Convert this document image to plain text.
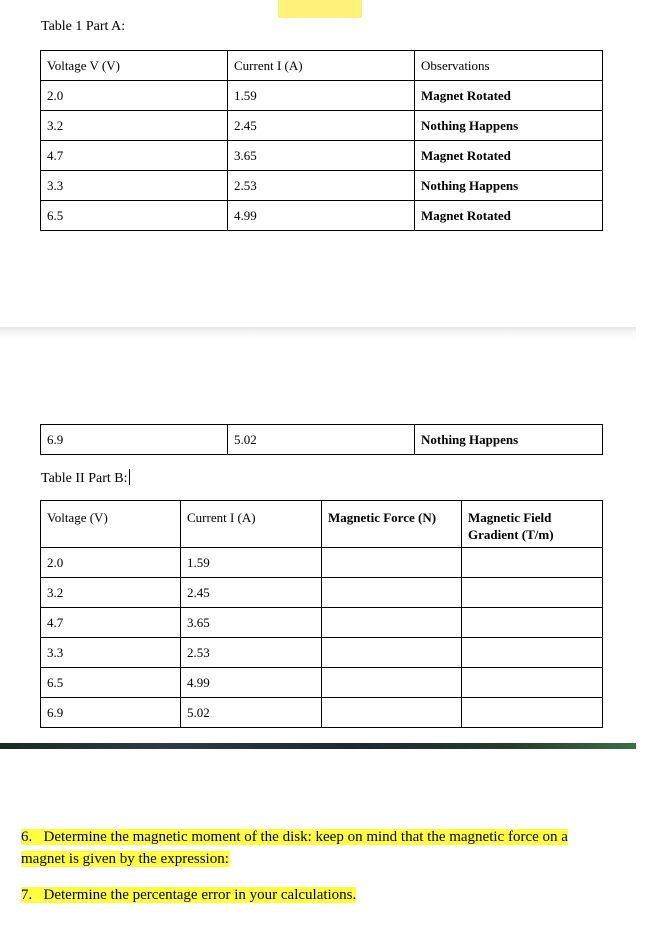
Table 1 Part A:
Voltage V (V)	Current I (A)	Observations
2.0	1.59	Magnet Rotated
3.2	2.45	Nothing Happens
4.7	3.65	Magnet Rotated
3.3	2.53	Nothing Happens
6.5	4.99	Magnet Rotated
6.9	5.02	Nothing Happens
Table II Part B:
Voltage (V)	Current I (A)	Magnetic Force (N)	Magnetic Field Gradient (T/m)
2.0	1.59		
3.2	2.45		
4.7	3.65		
3.3	2.53		
6.5	4.99		
6.9	5.02		
6. Determine the magnetic moment of the disk: keep on mind that the magnetic force on a
magnet is given by the expression:
7. Determine the percentage error in your calculations.
